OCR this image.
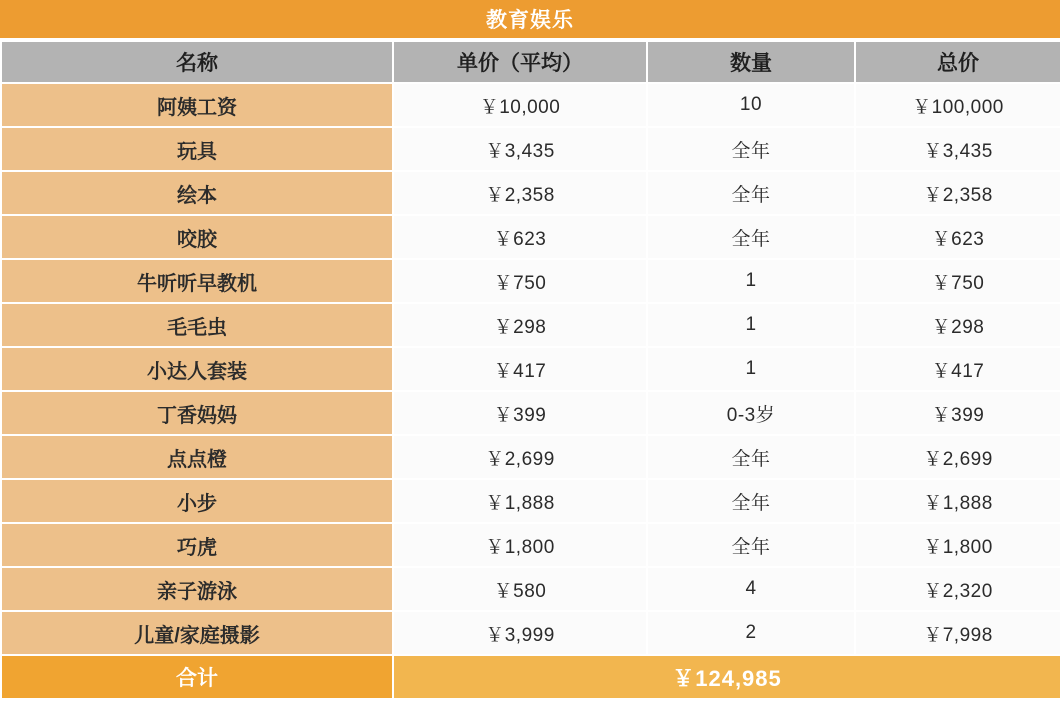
教育娱乐
名称	单价（平均）	数量	总价
阿姨工资	￥10,000	10	￥100,000
玩具	￥3,435	全年	￥3,435
绘本	￥2,358	全年	￥2,358
咬胶	￥623	全年	￥623
牛听听早教机	￥750	1	￥750
毛毛虫	￥298	1	￥298
小达人套装	￥417	1	￥417
丁香妈妈	￥399	0-3岁	￥399
点点橙	￥2,699	全年	￥2,699
小步	￥1,888	全年	￥1,888
巧虎	￥1,800	全年	￥1,800
亲子游泳	￥580	4	￥2,320
儿童/家庭摄影	￥3,999	2	￥7,998
合计	￥124,985		
